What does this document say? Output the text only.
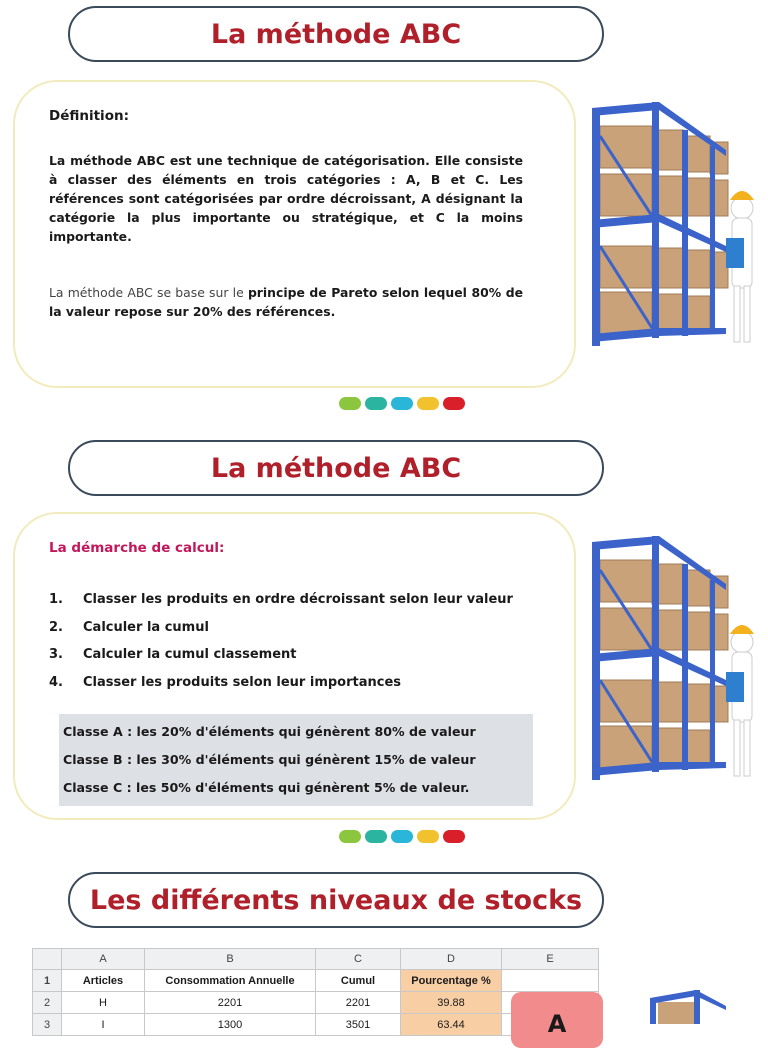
La méthode ABC
Définition:
La méthode ABC est une technique de catégorisation. Elle consiste à classer des éléments en trois catégories : A, B et C. Les références sont catégorisées par ordre décroissant, A désignant la catégorie la plus importante ou stratégique, et C la moins importante.
La méthode ABC se base sur le principe de Pareto selon lequel 80% de la valeur repose sur 20% des références.
La méthode ABC
La démarche de calcul:
1.	Classer les produits en ordre décroissant selon leur valeur
2.	Calculer la cumul
3.	Calculer la cumul classement
4.	Classer les produits selon leur importances
Classe A : les 20% d'éléments qui génèrent 80% de valeur
Classe B : les 30% d'éléments qui génèrent 15% de valeur
Classe C : les 50% d'éléments qui génèrent 5% de valeur.
Les différents niveaux de stocks
	A	B	C	D	E
1	Articles	Consommation Annuelle	Cumul	Pourcentage %	
2	H	2201	2201	39.88	
3	I	1300	3501	63.44		A
